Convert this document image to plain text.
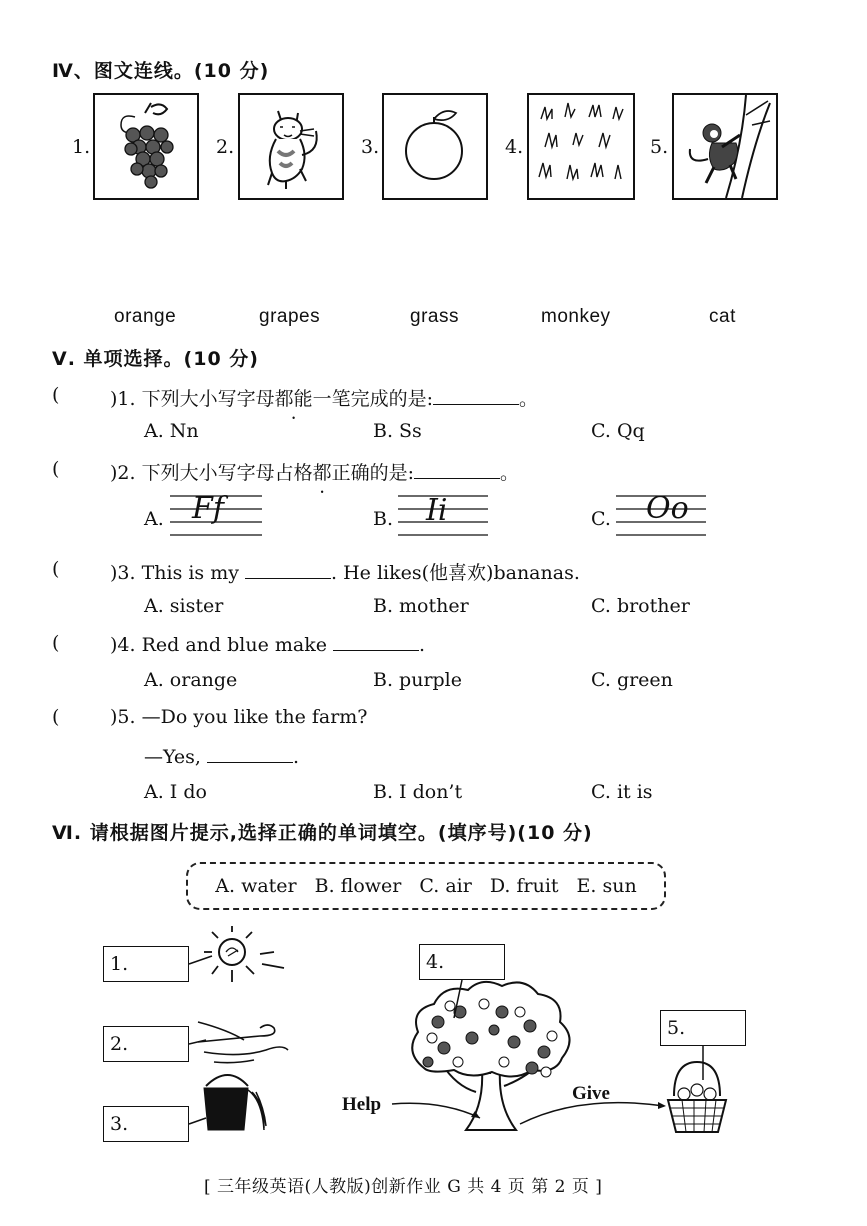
Ⅳ、图文连线。(10 分)
1.	2.	3.	4.	5.
orange	grapes	grass	monkey	cat
Ⅴ. 单项选择。(10 分)
(	)1. 下列大小写字母都能一笔完成的是:	。
A. Nn	B. Ss	C. Qq
(	)2. 下列大小写字母占格都正确的是:	。
A.	B.	C.
Ff	Ii	Oo
(	)3. This is my	. He likes(他喜欢)bananas.
A. sister	B. mother	C. brother
(	)4. Red and blue make	.
A. orange	B. purple	C. green
(	)5. —Do you like the farm?
—Yes,	.
A. I do	B. I don’t	C. it is
Ⅵ. 请根据图片提示,选择正确的单词填空。(填序号)(10 分)
A. water B. flower C. air D. fruit E. sun
1.
2.
3.
4.
5.
Help
Give
[ 三年级英语(人教版)创新作业 G 共 4 页 第 2 页 ]
